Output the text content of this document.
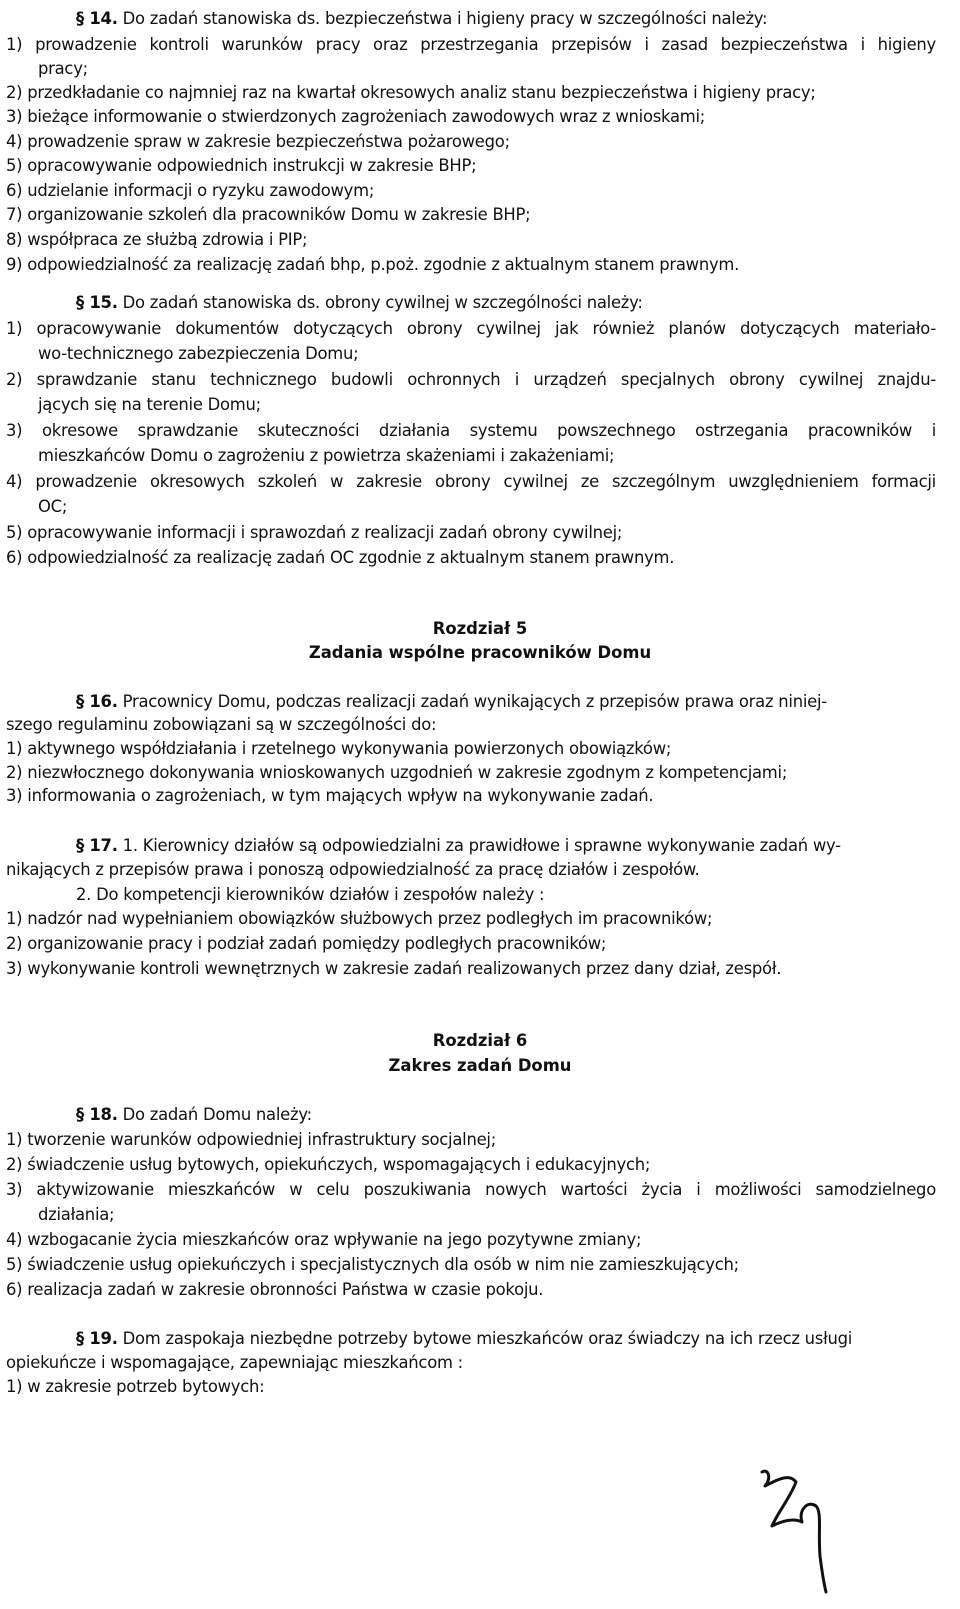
§ 14. Do zadań stanowiska ds. bezpieczeństwa i higieny pracy w szczególności należy:
1) prowadzenie kontroli warunków pracy oraz przestrzegania przepisów i zasad bezpieczeństwa i higieny
pracy;
2) przedkładanie co najmniej raz na kwartał okresowych analiz stanu bezpieczeństwa i higieny pracy;
3) bieżące informowanie o stwierdzonych zagrożeniach zawodowych wraz z wnioskami;
4) prowadzenie spraw w zakresie bezpieczeństwa pożarowego;
5) opracowywanie odpowiednich instrukcji w zakresie BHP;
6) udzielanie informacji o ryzyku zawodowym;
7) organizowanie szkoleń dla pracowników Domu w zakresie BHP;
8) współpraca ze służbą zdrowia i PIP;
9) odpowiedzialność za realizację zadań bhp, p.poż. zgodnie z aktualnym stanem prawnym.
§ 15. Do zadań stanowiska ds. obrony cywilnej w szczególności należy:
1) opracowywanie dokumentów dotyczących obrony cywilnej jak również planów dotyczących materiało-
wo-technicznego zabezpieczenia Domu;
2) sprawdzanie stanu technicznego budowli ochronnych i urządzeń specjalnych obrony cywilnej znajdu-
jących się na terenie Domu;
3) okresowe sprawdzanie skuteczności działania systemu powszechnego ostrzegania pracowników i
mieszkańców Domu o zagrożeniu z powietrza skażeniami i zakażeniami;
4) prowadzenie okresowych szkoleń w zakresie obrony cywilnej ze szczególnym uwzględnieniem formacji
OC;
5) opracowywanie informacji i sprawozdań z realizacji zadań obrony cywilnej;
6) odpowiedzialność za realizację zadań OC zgodnie z aktualnym stanem prawnym.
Rozdział 5
Zadania wspólne pracowników Domu
§ 16. Pracownicy Domu, podczas realizacji zadań wynikających z przepisów prawa oraz niniej-
szego regulaminu zobowiązani są w szczególności do:
1) aktywnego współdziałania i rzetelnego wykonywania powierzonych obowiązków;
2) niezwłocznego dokonywania wnioskowanych uzgodnień w zakresie zgodnym z kompetencjami;
3) informowania o zagrożeniach, w tym mających wpływ na wykonywanie zadań.
§ 17. 1. Kierownicy działów są odpowiedzialni za prawidłowe i sprawne wykonywanie zadań wy-
nikających z przepisów prawa i ponoszą odpowiedzialność za pracę działów i zespołów.
2. Do kompetencji kierowników działów i zespołów należy :
1) nadzór nad wypełnianiem obowiązków służbowych przez podległych im pracowników;
2) organizowanie pracy i podział zadań pomiędzy podległych pracowników;
3) wykonywanie kontroli wewnętrznych w zakresie zadań realizowanych przez dany dział, zespół.
Rozdział 6
Zakres zadań Domu
§ 18. Do zadań Domu należy:
1) tworzenie warunków odpowiedniej infrastruktury socjalnej;
2) świadczenie usług bytowych, opiekuńczych, wspomagających i edukacyjnych;
3) aktywizowanie mieszkańców w celu poszukiwania nowych wartości życia i możliwości samodzielnego
działania;
4) wzbogacanie życia mieszkańców oraz wpływanie na jego pozytywne zmiany;
5) świadczenie usług opiekuńczych i specjalistycznych dla osób w nim nie zamieszkujących;
6) realizacja zadań w zakresie obronności Państwa w czasie pokoju.
§ 19. Dom zaspokaja niezbędne potrzeby bytowe mieszkańców oraz świadczy na ich rzecz usługi
opiekuńcze i wspomagające, zapewniając mieszkańcom :
1) w zakresie potrzeb bytowych:
